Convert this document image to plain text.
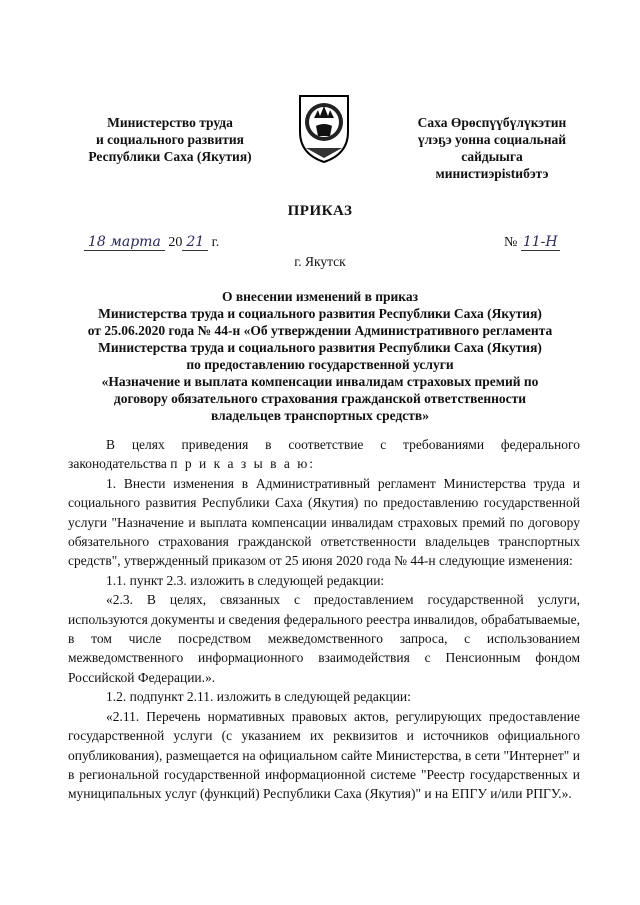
Министерство труда
и социального развития
Республики Саха (Якутия)
Саха Өрөспүүбүлүкэтин
үлэҕэ уонна социальнай
сайдыыга
министиэрistибэтэ
ПРИКАЗ
18 марта 20 21 г.	№ 11-Н
г. Якутск
О внесении изменений в приказ
Министерства труда и социального развития Республики Саха (Якутия)
от 25.06.2020 года № 44-н «Об утверждении Административного регламента
Министерства труда и социального развития Республики Саха (Якутия)
по предоставлению государственной услуги
«Назначение и выплата компенсации инвалидам страховых премий по
договору обязательного страхования гражданской ответственности
владельцев транспортных средств»

В целях приведения в соответствие с требованиями федерального законодательства п р и к а з ы в а ю:

1. Внести изменения в Административный регламент Министерства труда и социального развития Республики Саха (Якутия) по предоставлению государственной услуги "Назначение и выплата компенсации инвалидам страховых премий по договору обязательного страхования гражданской ответственности владельцев транспортных средств", утвержденный приказом от 25 июня 2020 года № 44-н следующие изменения:

1.1. пункт 2.3. изложить в следующей редакции:

«2.3. В целях, связанных с предоставлением государственной услуги, используются документы и сведения федерального реестра инвалидов, обрабатываемые, в том числе посредством межведомственного запроса, с использованием межведомственного информационного взаимодействия с Пенсионным фондом Российской Федерации.».

1.2. подпункт 2.11. изложить в следующей редакции:

«2.11. Перечень нормативных правовых актов, регулирующих предоставление государственной услуги (с указанием их реквизитов и источников официального опубликования), размещается на официальном сайте Министерства, в сети "Интернет" и в региональной государственной информационной системе "Реестр государственных и муниципальных услуг (функций) Республики Саха (Якутия)" и на ЕПГУ и/или РПГУ.».
